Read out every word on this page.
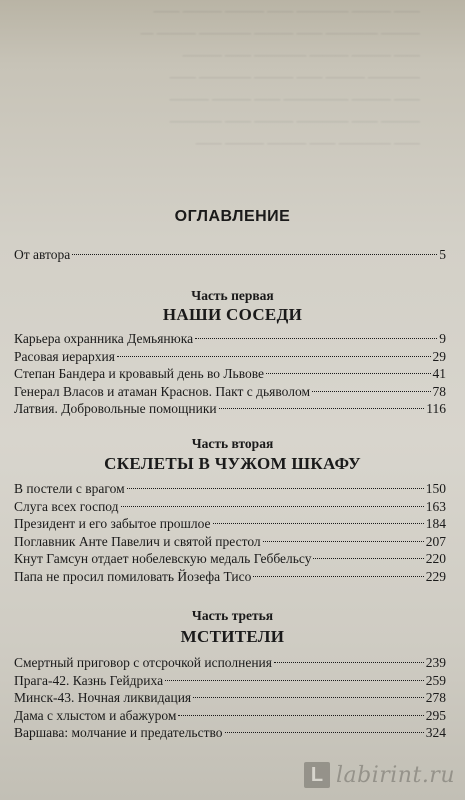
—— ——— ———— —— ——— ——— ——
——— ———— —— ——— ———— ——— —
—— ——— ——— ———— —— ———
———— ——— —— ——— ———— ——
—— ——— ————— —— ——— ———
——— —— ———— ——— —— ————
—— ———— —— ——— ——— ——
ОГЛАВЛЕНИЕ
От автора	5
Часть первая
НАШИ СОСЕДИ
Карьера охранника Демьянюка	9
Расовая иерархия	29
Степан Бандера и кровавый день во Львове	41
Генерал Власов и атаман Краснов. Пакт с дьяволом	78
Латвия. Добровольные помощники	116
Часть вторая
СКЕЛЕТЫ В ЧУЖОМ ШКАФУ
В постели с врагом	150
Слуга всех господ	163
Президент и его забытое прошлое	184
Поглавник Анте Павелич и святой престол	207
Кнут Гамсун отдает нобелевскую медаль Геббельсу	220
Папа не просил помиловать Йозефа Тисо	229
Часть третья
МСТИТЕЛИ
Смертный приговор с отсрочкой исполнения	239
Прага-42. Казнь Гейдриха	259
Минск-43. Ночная ликвидация	278
Дама с хлыстом и абажуром	295
Варшава: молчание и предательство	324
L labirint.ru
